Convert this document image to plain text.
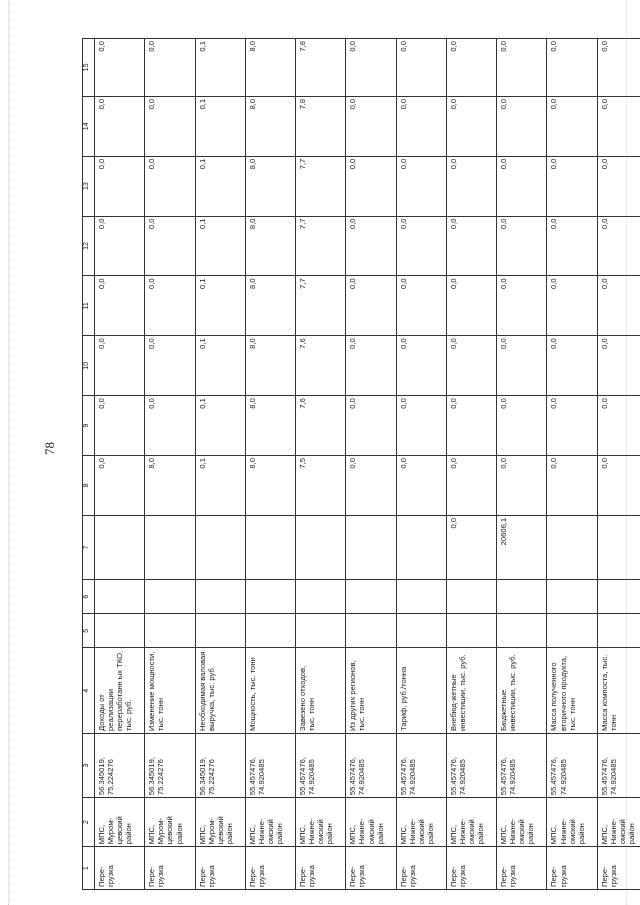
78
1	2	3	4	5	6	7	8	9	10	11	12	13	14	15
Пере-грузка	МПС, Муром-цевский район	56.345019, 75.224276	Доходы от реализации переработанн ых ТКО, тыс. руб.				0,0	0,0	0,0	0,0	0,0	0,0	0,0	0,0
Пере-грузка	МПС, Муром-цевский район	56.345019, 75.224276	Изменение мощности, тыс. тонн				8,0	0,0	0,0	0,0	0,0	0,0	0,0	0,0
Пере-грузка	МПС, Муром-цевский район	56.345019, 75.224276	Необходимая валовая выручка, тыс. руб.				0,1	0,1	0,1	0,1	0,1	0,1	0,1	0,1
Пере-грузка	МПС, Нижне-омский район	55.457476, 74.920485	Мощность, тыс. тонн				8,0	8,0	8,0	8,0	8,0	8,0	8,0	8,0
Пере-грузка	МПС, Нижне-омский район	55.457476, 74.920485	Завезено отходов, тыс. тонн				7,5	7,6	7,6	7,7	7,7	7,7	7,8	7,8
Пере-грузка	МПС, Нижне-омский район	55.457476, 74.920485	Из других регионов, тыс. тонн				0,0	0,0	0,0	0,0	0,0	0,0	0,0	0,0
Пере-грузка	МПС, Нижне-омский район	55.457476, 74.920485	Тариф, руб./тонна				0,0	0,0	0,0	0,0	0,0	0,0	0,0	0,0
Пере-грузка	МПС, Нижне-омский район	55.457476, 74.920485	Внебюд-жетные инвестиции, тыс. руб.			0,0	0,0	0,0	0,0	0,0	0,0	0,0	0,0	0,0
Пере-грузка	МПС, Нижне-омский район	55.457476, 74.920485	Бюджетные инвестиции, тыс. руб.			20606,1	0,0	0,0	0,0	0,0	0,0	0,0	0,0	0,0
Пере-грузка	МПС, Нижне-омский район	55.457476, 74.920485	Масса полученного вторичного продукта, тыс. тонн				0,0	0,0	0,0	0,0	0,0	0,0	0,0	0,0
Пере-грузка	МПС, Нижне-омский район	55.457476, 74.920485	Масса компоста, тыс. тонн				0,0	0,0	0,0	0,0	0,0	0,0	0,0	0,0
